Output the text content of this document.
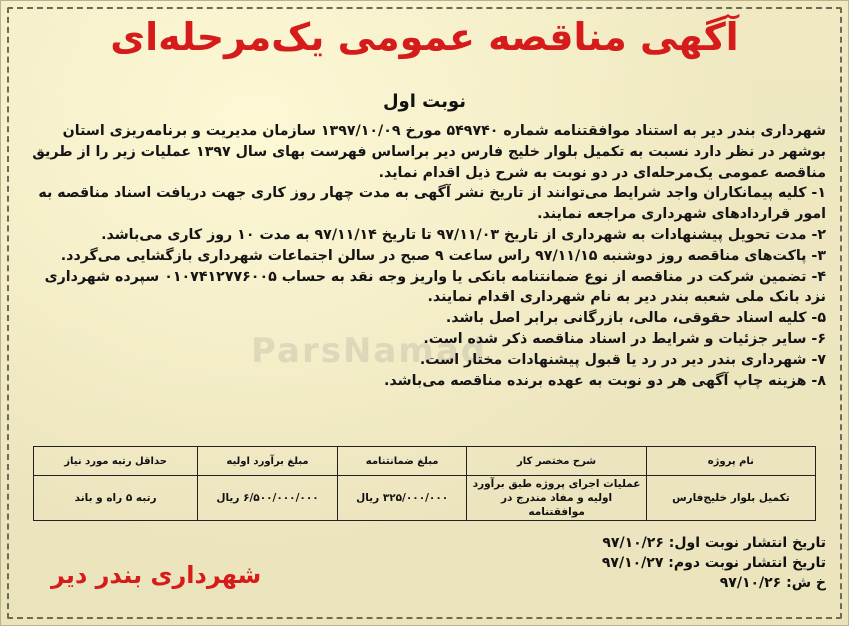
ParsNamad
آگهی مناقصه عمومی یک‌مرحله‌ای
نوبت اول

شهرداری بندر دیر به استناد موافقتنامه شماره ۵۴۹۷۴۰ مورخ ۱۳۹۷/۱۰/۰۹ سازمان مدیریت و برنامه‌ریزی استان بوشهر در نظر دارد نسبت به تکمیل بلوار خلیج فارس دیر براساس فهرست بهای سال ۱۳۹۷ عملیات زیر را از طریق مناقصه عمومی یک‌مرحله‌ای در دو نوبت به شرح ذیل اقدام نماید.

۱- کلیه پیمانکاران واجد شرایط می‌توانند از تاریخ نشر آگهی به مدت چهار روز کاری جهت دریافت اسناد مناقصه به امور قراردادهای شهرداری مراجعه نمایند.

۲- مدت تحویل پیشنهادات به شهرداری از تاریخ ۹۷/۱۱/۰۳ تا تاریخ ۹۷/۱۱/۱۴ به مدت ۱۰ روز کاری می‌باشد.

۳- پاکت‌های مناقصه روز دوشنبه ۹۷/۱۱/۱۵ راس ساعت ۹ صبح در سالن اجتماعات شهرداری بازگشایی می‌گردد.

۴- تضمین شرکت در مناقصه از نوع ضمانتنامه بانکی یا واریز وجه نقد به حساب ۰۱۰۷۴۱۲۷۷۶۰۰۵ سپرده شهرداری نزد بانک ملی شعبه بندر دیر به نام شهرداری اقدام نمایند.

۵- کلیه اسناد حقوقی، مالی، بازرگانی برابر اصل باشد.

۶- سایر جزئیات و شرایط در اسناد مناقصه ذکر شده است.

۷- شهرداری بندر دیر در رد یا قبول پیشنهادات مختار است.

۸- هزینه چاپ آگهی هر دو نوبت به عهده برنده مناقصه می‌باشد.

نام پروژه	شرح مختصر کار	مبلغ ضمانتنامه	مبلغ برآورد اولیه	حداقل رتبه مورد نیاز
تکمیل بلوار خلیج‌فارس	عملیات اجرای پروژه طبق برآورد اولیه و مفاد مندرج در موافقتنامه	۳۲۵/۰۰۰/۰۰۰ ریال	۶/۵۰۰/۰۰۰/۰۰۰ ریال	رتبه ۵ راه و باند
تاریخ انتشار نوبت اول: ۹۷/۱۰/۲۶
تاریخ انتشار نوبت دوم: ۹۷/۱۰/۲۷
خ ش: ۹۷/۱۰/۲۶
شهرداری بندر دیر
